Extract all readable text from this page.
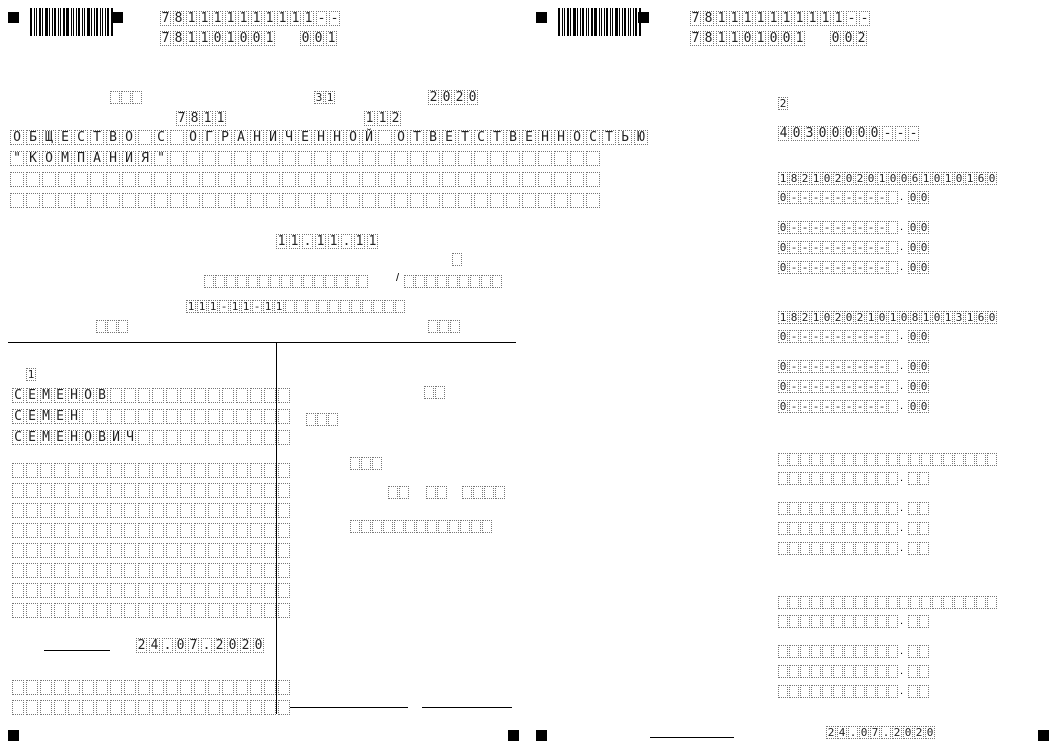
7 8 1 1 1 1 1 1 1 1 1 1 - -
7 8 1 1 0 1 0 0 1 0 0 1
3 1	2 0 2 0
7 8 1 1	1 1 2
О Б Щ Е С Т В О С О Г Р А Н И Ч Е Н Н О Й О Т В Е Т С Т В Е Н Н О С Т Ь Ю
" К О М П А Н И Я "
1 1 . 1 1 . 1 1
/
1 1 1 - 1 1 - 1 1
1
С Е М Е Н О В
С Е М Е Н
С Е М Е Н О В И Ч
2 4 . 0 7 . 2 0 2 0
7 8 1 1 1 1 1 1 1 1 1 1 - -
7 8 1 1 0 1 0 0 1 0 0 2
2
4 0 3 0 0 0 0 0 - - -
1 8 2 1 0 2 0 2 0 1 0 0 6 1 0 1 0 1 6 0
0 - - - - - - - - - . 0 0
0 - - - - - - - - - . 0 0
0 - - - - - - - - - . 0 0
0 - - - - - - - - - . 0 0
1 8 2 1 0 2 0 2 1 0 1 0 8 1 0 1 3 1 6 0
0 - - - - - - - - - . 0 0
0 - - - - - - - - - . 0 0
0 - - - - - - - - - . 0 0
0 - - - - - - - - - . 0 0
.
.
.
.
.
.
.
.
2 4 . 0 7 . 2 0 2 0
